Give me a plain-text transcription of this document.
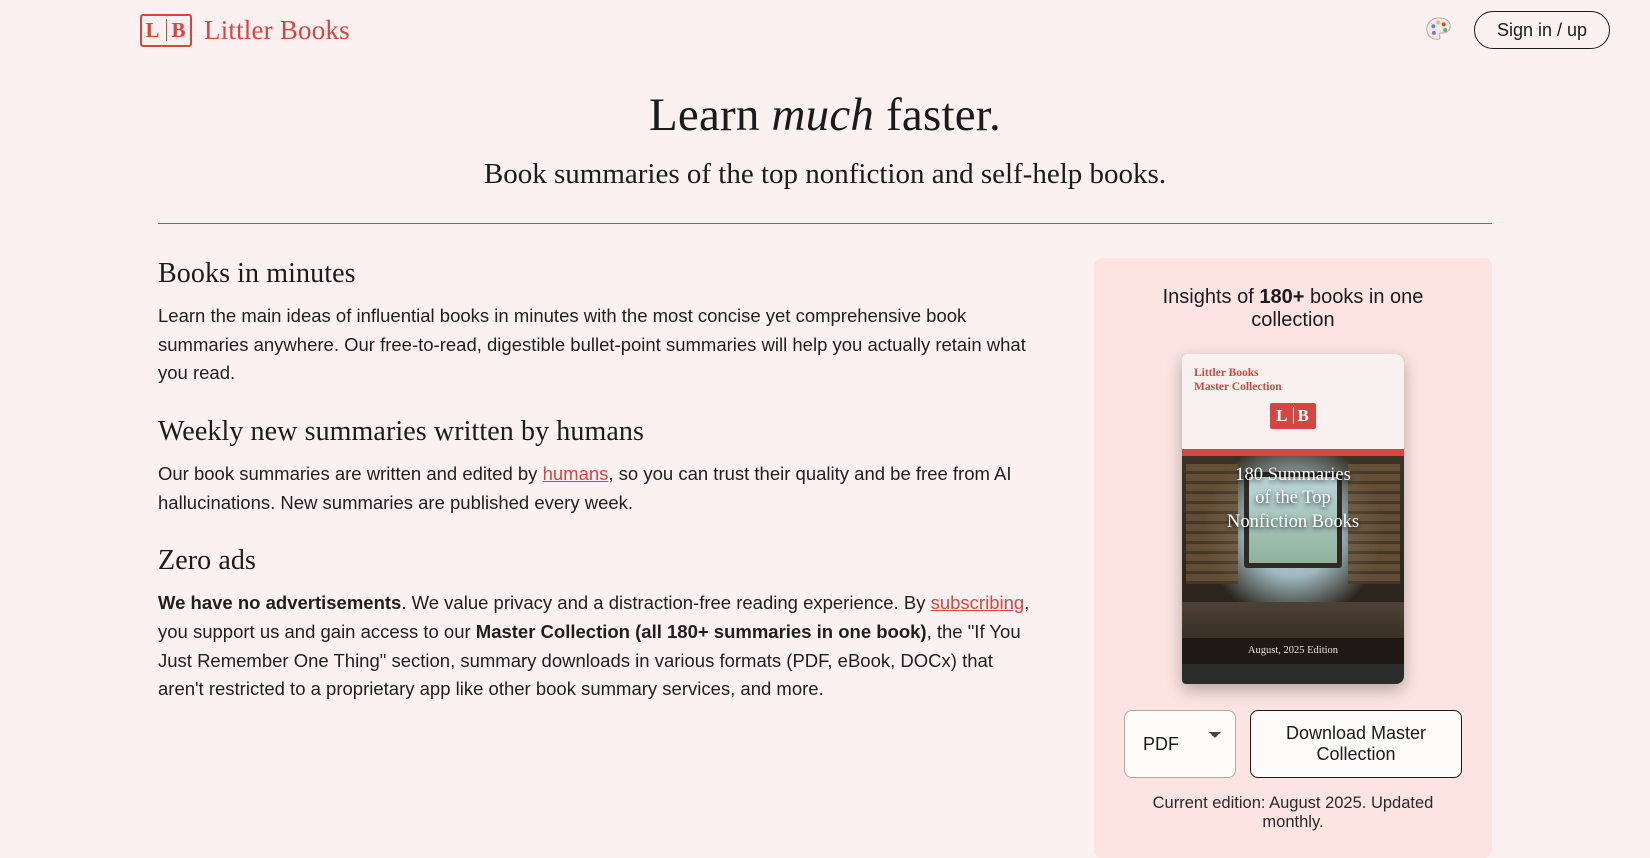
L B Littler Books	Sign in / up
Learn much faster.
Book summaries of the top nonfiction and self-help books.
Books in minutes

Learn the main ideas of influential books in minutes with the most concise yet comprehensive book summaries anywhere. Our free-to-read, digestible bullet-point summaries will help you actually retain what you read.

Weekly new summaries written by humans

Our book summaries are written and edited by humans, so you can trust their quality and be free from AI hallucinations. New summaries are published every week.

Zero ads

We have no advertisements. We value privacy and a distraction-free reading experience. By subscribing, you support us and gain access to our Master Collection (all 180+ summaries in one book), the "If You Just Remember One Thing" section, summary downloads in various formats (PDF, eBook, DOCx) that aren't restricted to a proprietary app like other book summary services, and more.

Insights of 180+ books in one collection

Littler Books
Master Collection
L B
180 Summaries
of the Top
Nonfiction Books
August, 2025 Edition
PDF
Download Master Collection

Current edition: August 2025. Updated monthly.
